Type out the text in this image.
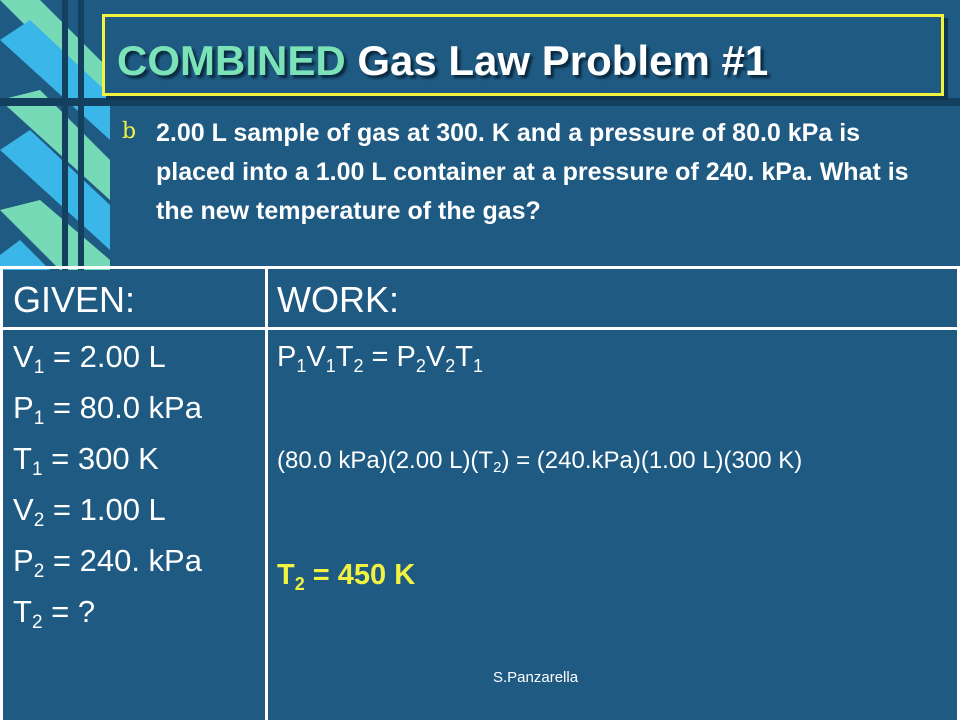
COMBINED Gas Law Problem #1
b 2.00 L sample of gas at 300. K and a pressure of 80.0 kPa is placed into a 1.00 L container at a pressure of 240. kPa. What is the new temperature of the gas?
GIVEN:	WORK:
$V_1 = 2.00$ L
$P_1 = 80.0$ kPa
$T_1 = 300$ K
$V_2 = 1.00$ L
$P_2 = 240$. kPa
$T_2$ = ?
$P_1V_1T_2 = P_2V_2T_1$
(80.0 kPa)(2.00 $L)(T_2) = (240.kPa)(1.00$ L)(300 K)
$T_2 = 450$ K
S.Panzarella
